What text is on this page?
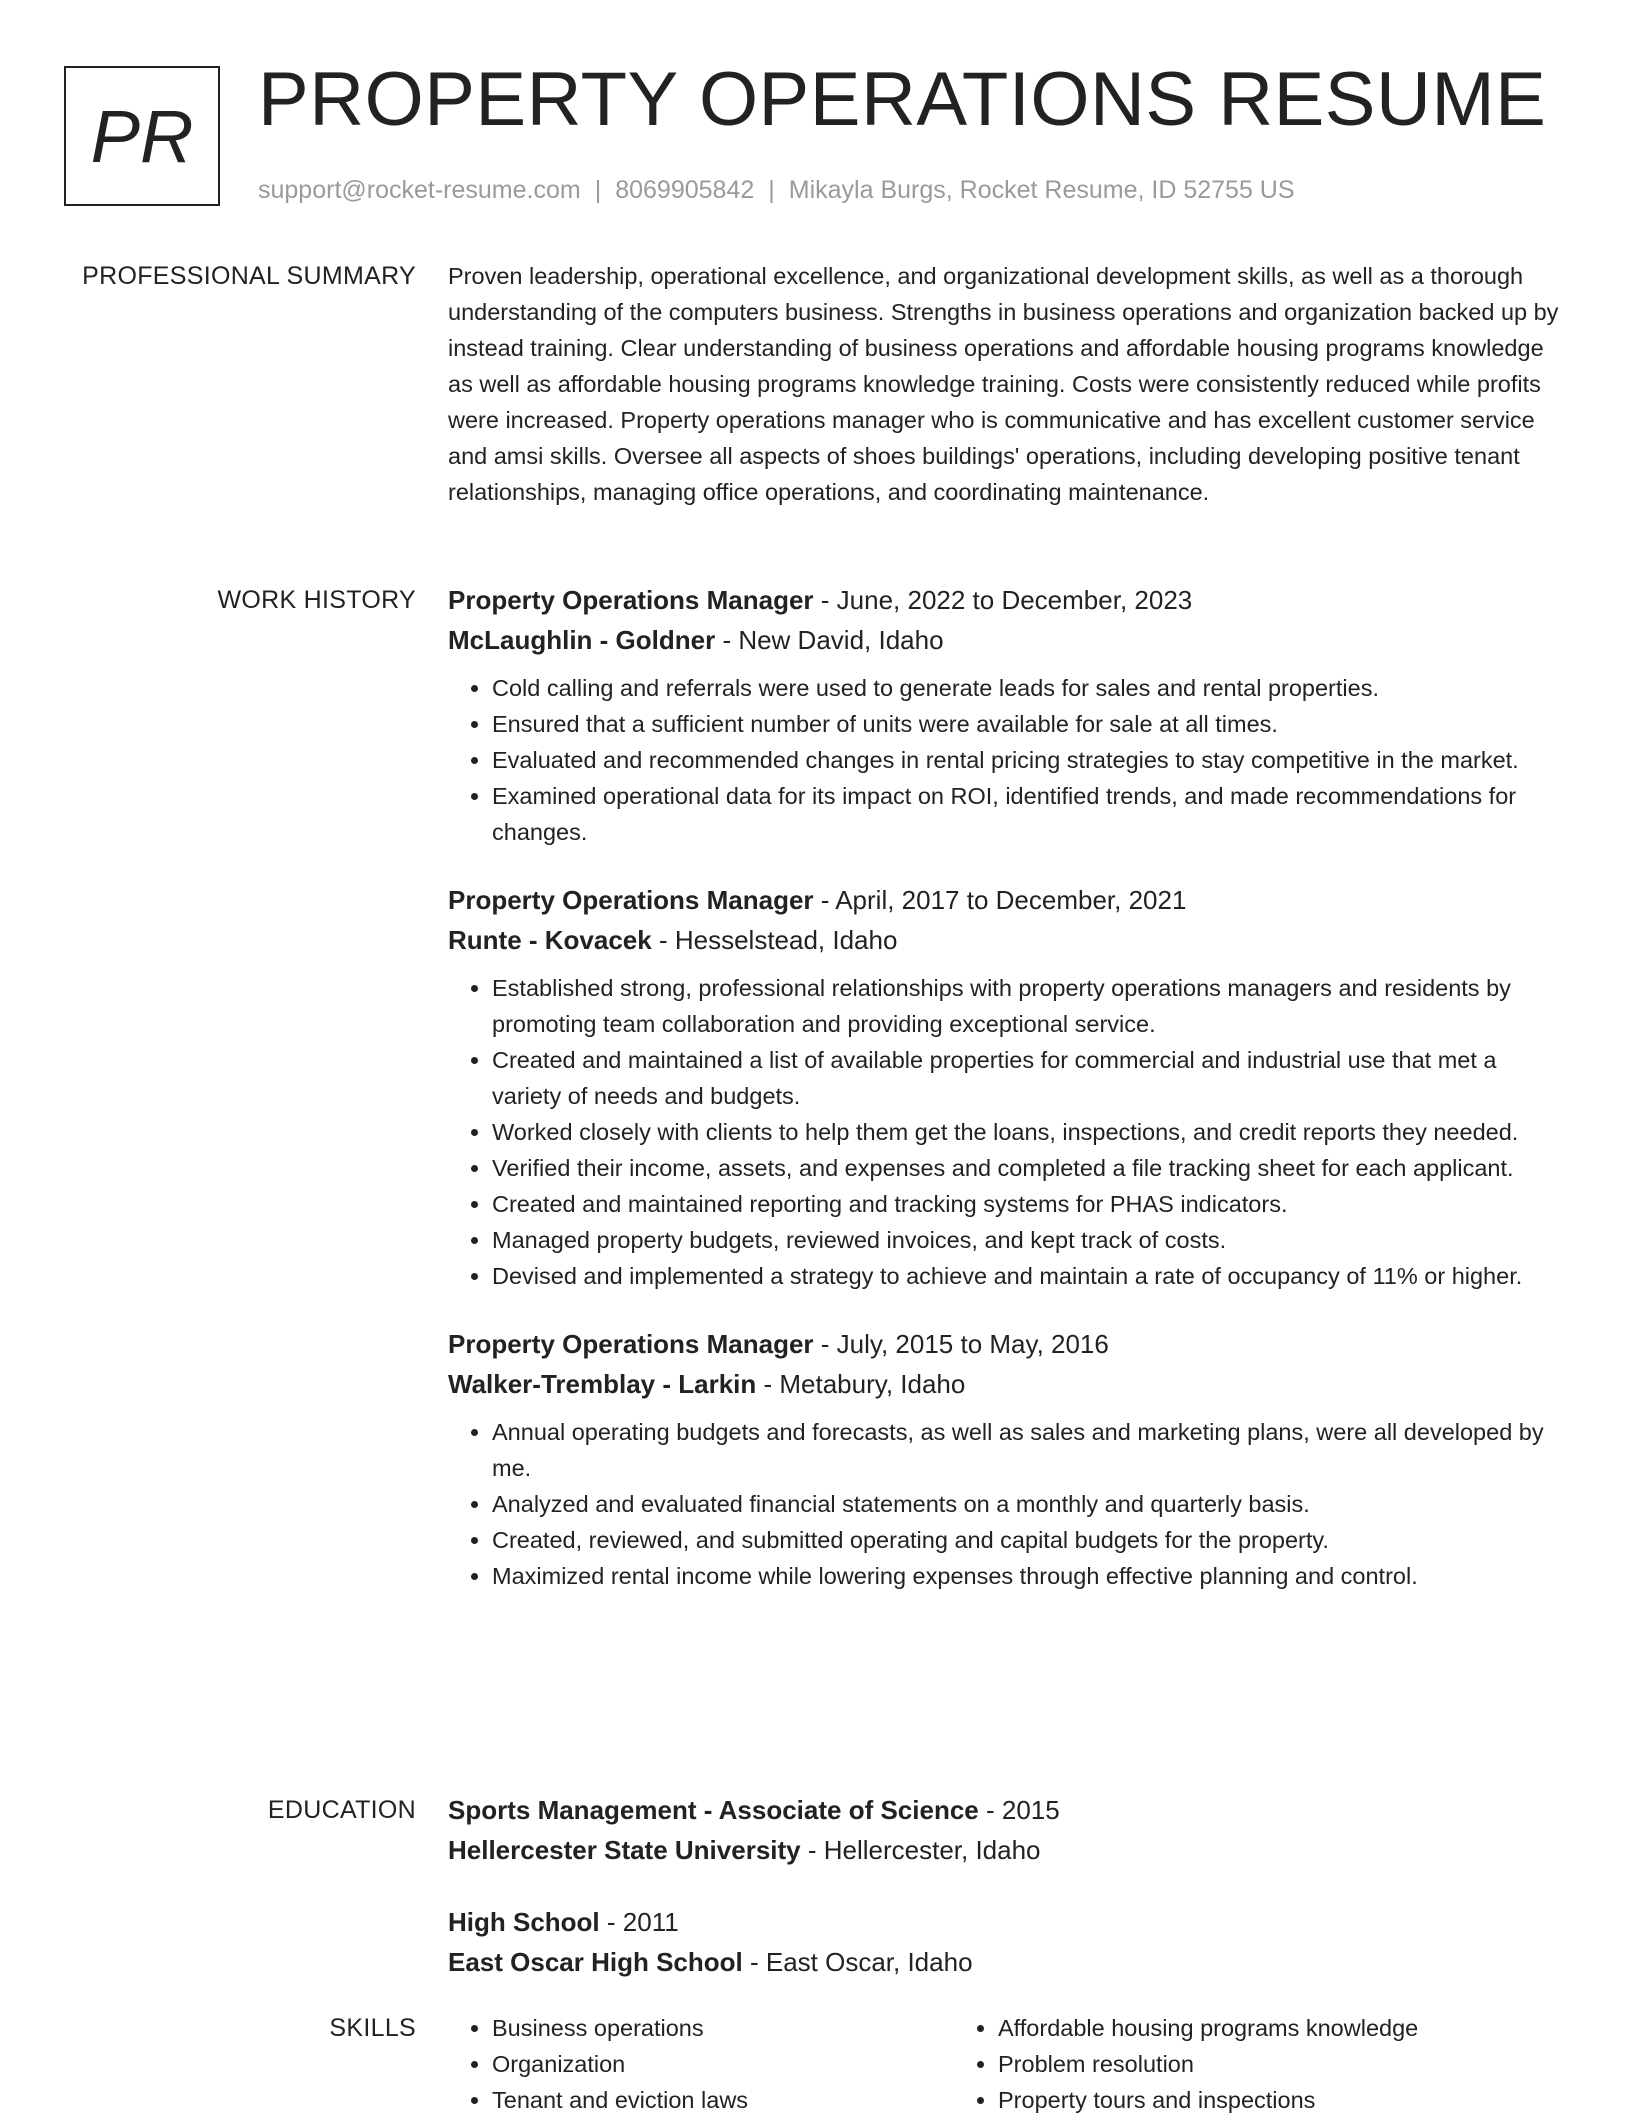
PR PROPERTY OPERATIONS RESUME
support@rocket-resume.com | 8069905842 | Mikayla Burgs, Rocket Resume, ID 52755 US
PROFESSIONAL SUMMARY Proven leadership, operational excellence, and organizational development skills, as well as a thorough understanding of the computers business. Strengths in business operations and organization backed up by instead training. Clear understanding of business operations and affordable housing programs knowledge as well as affordable housing programs knowledge training. Costs were consistently reduced while profits were increased. Property operations manager who is communicative and has excellent customer service and amsi skills. Oversee all aspects of shoes buildings' operations, including developing positive tenant relationships, managing office operations, and coordinating maintenance.

WORK HISTORY Property Operations Manager - June, 2022 to December, 2023
McLaughlin - Goldner - New David, Idaho
• Cold calling and referrals were used to generate leads for sales and rental properties.
• Ensured that a sufficient number of units were available for sale at all times.
• Evaluated and recommended changes in rental pricing strategies to stay competitive in the market.
• Examined operational data for its impact on ROI, identified trends, and made recommendations for changes.
Property Operations Manager - April, 2017 to December, 2021
Runte - Kovacek - Hesselstead, Idaho
• Established strong, professional relationships with property operations managers and residents by promoting team collaboration and providing exceptional service.
• Created and maintained a list of available properties for commercial and industrial use that met a variety of needs and budgets.
• Worked closely with clients to help them get the loans, inspections, and credit reports they needed.
• Verified their income, assets, and expenses and completed a file tracking sheet for each applicant.
• Created and maintained reporting and tracking systems for PHAS indicators.
• Managed property budgets, reviewed invoices, and kept track of costs.
• Devised and implemented a strategy to achieve and maintain a rate of occupancy of 11% or higher.
Property Operations Manager - July, 2015 to May, 2016
Walker-Tremblay - Larkin - Metabury, Idaho
• Annual operating budgets and forecasts, as well as sales and marketing plans, were all developed by me.
• Analyzed and evaluated financial statements on a monthly and quarterly basis.
• Created, reviewed, and submitted operating and capital budgets for the property.
• Maximized rental income while lowering expenses through effective planning and control.
EDUCATION Sports Management - Associate of Science - 2015
Hellercester State University - Hellercester, Idaho
High School - 2011
East Oscar High School - East Oscar, Idaho
SKILLS
•	Business operations
• Organization
• Tenant and eviction laws
• Affordable housing programs knowledge
• Problem resolution
• Property tours and inspections
